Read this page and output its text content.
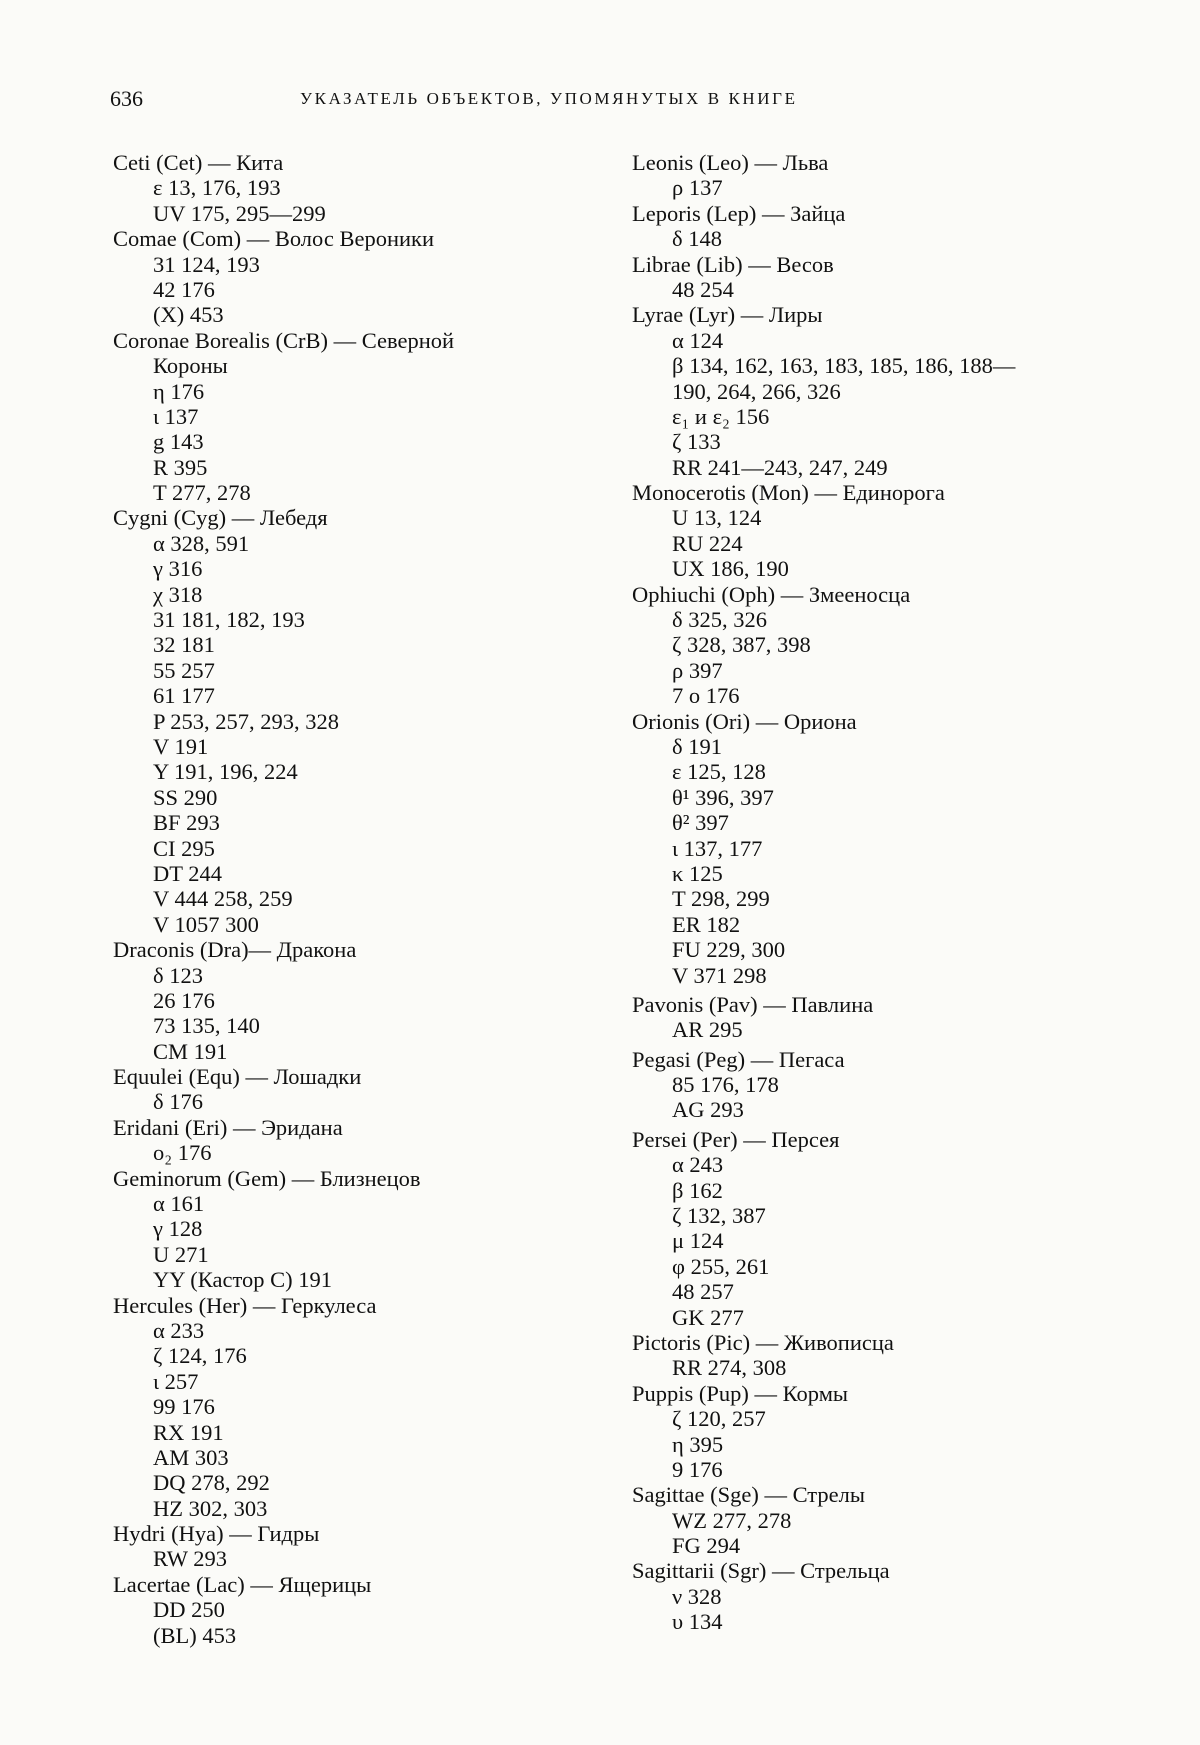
636	УКАЗАТЕЛЬ ОБЪЕКТОВ, УПОМЯНУТЫХ В КНИГЕ
Ceti (Cet) — Кита
ε 13, 176, 193
UV 175, 295—299
Comae (Com) — Волос Вероники
31 124, 193
42 176
(X) 453
Coronae Borealis (CrB) — Северной
Короны
η 176
ι 137
g 143
R 395
T 277, 278
Cygni (Cyg) — Лебедя
α 328, 591
γ 316
χ 318
31 181, 182, 193
32 181
55 257
61 177
P 253, 257, 293, 328
V 191
Y 191, 196, 224
SS 290
BF 293
CI 295
DT 244
V 444 258, 259
V 1057 300
Draconis (Dra)— Дракона
δ 123
26 176
73 135, 140
CM 191
Equulei (Equ) — Лошадки
δ 176
Eridani (Eri) — Эридана
o₂ 176
Geminorum (Gem) — Близнецов
α 161
γ 128
U 271
YY (Кастор C) 191
Hercules (Her) — Геркулеса
α 233
ζ 124, 176
ι 257
99 176
RX 191
AM 303
DQ 278, 292
HZ 302, 303
Hydri (Hya) — Гидры
RW 293
Lacertae (Lac) — Ящерицы
DD 250
(BL) 453
Leonis (Leo) — Льва
ρ 137
Leporis (Lep) — Зайца
δ 148
Librae (Lib) — Весов
48 254
Lyrae (Lyr) — Лиры
α 124
β 134, 162, 163, 183, 185, 186, 188—
190, 264, 266, 326
ε₁ и ε₂ 156
ζ 133
RR 241—243, 247, 249
Monocerotis (Mon) — Единорога
U 13, 124
RU 224
UX 186, 190
Ophiuchi (Oph) — Змееносца
δ 325, 326
ζ 328, 387, 398
ρ 397
7 o 176
Orionis (Ori) — Ориона
δ 191
ε 125, 128
θ¹ 396, 397
θ² 397
ι 137, 177
κ 125
T 298, 299
ER 182
FU 229, 300
V 371 298
Pavonis (Pav) — Павлина
AR 295
Pegasi (Peg) — Пегаса
85 176, 178
AG 293
Persei (Per) — Персея
α 243
β 162
ζ 132, 387
μ 124
φ 255, 261
48 257
GK 277
Pictoris (Pic) — Живописца
RR 274, 308
Puppis (Pup) — Кормы
ζ 120, 257
η 395
9 176
Sagittae (Sge) — Стрелы
WZ 277, 278
FG 294
Sagittarii (Sgr) — Стрельца
ν 328
υ 134
